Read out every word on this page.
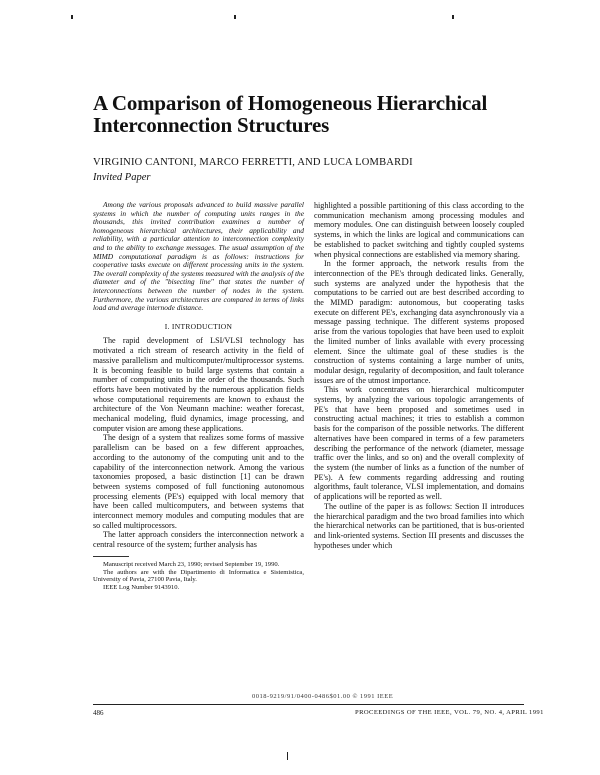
A Comparison of Homogeneous Hierarchical Interconnection Structures
VIRGINIO CANTONI, MARCO FERRETTI, AND LUCA LOMBARDI
Invited Paper

Among the various proposals advanced to build massive parallel systems in which the number of computing units ranges in the thousands, this invited contribution examines a number of homogeneous hierarchical architectures, their applicability and reliability, with a particular attention to interconnection complexity and to the ability to exchange messages. The usual assumption of the MIMD computational paradigm is as follows: instructions for cooperative tasks execute on different processing units in the system. The overall complexity of the systems measured with the analysis of the diameter and of the "bisecting line" that states the number of interconnections between the number of nodes in the system. Furthermore, the various architectures are compared in terms of links load and average internode distance.

I. INTRODUCTION

The rapid development of LSI/VLSI technology has motivated a rich stream of research activity in the field of massive parallelism and multicomputer/multiprocessor systems. It is becoming feasible to build large systems that contain a number of computing units in the order of the thousands. Such efforts have been motivated by the numerous application fields whose computational requirements are known to exhaust the architecture of the Von Neumann machine: weather forecast, mechanical modeling, fluid dynamics, image processing, and computer vision are among these applications.

The design of a system that realizes some forms of massive parallelism can be based on a few different approaches, according to the autonomy of the computing unit and to the capability of the interconnection network. Among the various taxonomies proposed, a basic distinction [1] can be drawn between systems composed of full functioning autonomous processing elements (PE's) equipped with local memory that have been called multicomputers, and between systems that interconnect memory modules and computing modules that are so called multiprocessors.

The latter approach considers the interconnection network a central resource of the system; further analysis has

Manuscript received March 23, 1990; revised September 19, 1990.

The authors are with the Dipartimento di Informatica e Sistemistica, University of Pavia, 27100 Pavia, Italy.

IEEE Log Number 9143910.

highlighted a possible partitioning of this class according to the communication mechanism among processing modules and memory modules. One can distinguish between loosely coupled systems, in which the links are logical and communications can be established to packet switching and tightly coupled systems when physical connections are established via memory sharing.

In the former approach, the network results from the interconnection of the PE's through dedicated links. Generally, such systems are analyzed under the hypothesis that the computations to be carried out are best described according to the MIMD paradigm: autonomous, but cooperating tasks execute on different PE's, exchanging data asynchronously via a message passing technique. The different systems proposed arise from the various topologies that have been used to exploit the limited number of links available with every processing element. Since the ultimate goal of these studies is the construction of systems containing a large number of units, modular design, regularity of decomposition, and fault tolerance issues are of the utmost importance.

This work concentrates on hierarchical multicomputer systems, by analyzing the various topologic arrangements of PE's that have been proposed and sometimes used in constructing actual machines; it tries to establish a common basis for the comparison of the possible networks. The different alternatives have been compared in terms of a few parameters describing the performance of the network (diameter, message traffic over the links, and so on) and the overall complexity of the system (the number of links as a function of the number of PE's). A few comments regarding addressing and routing algorithms, fault tolerance, VLSI implementation, and domains of applications will be reported as well.

The outline of the paper is as follows: Section II introduces the hierarchical paradigm and the two broad families into which the hierarchical networks can be partitioned, that is bus-oriented and link-oriented systems. Section III presents and discusses the hypotheses under which

0018-9219/91/0400-0486$01.00 © 1991 IEEE
486	PROCEEDINGS OF THE IEEE, VOL. 79, NO. 4, APRIL 1991
